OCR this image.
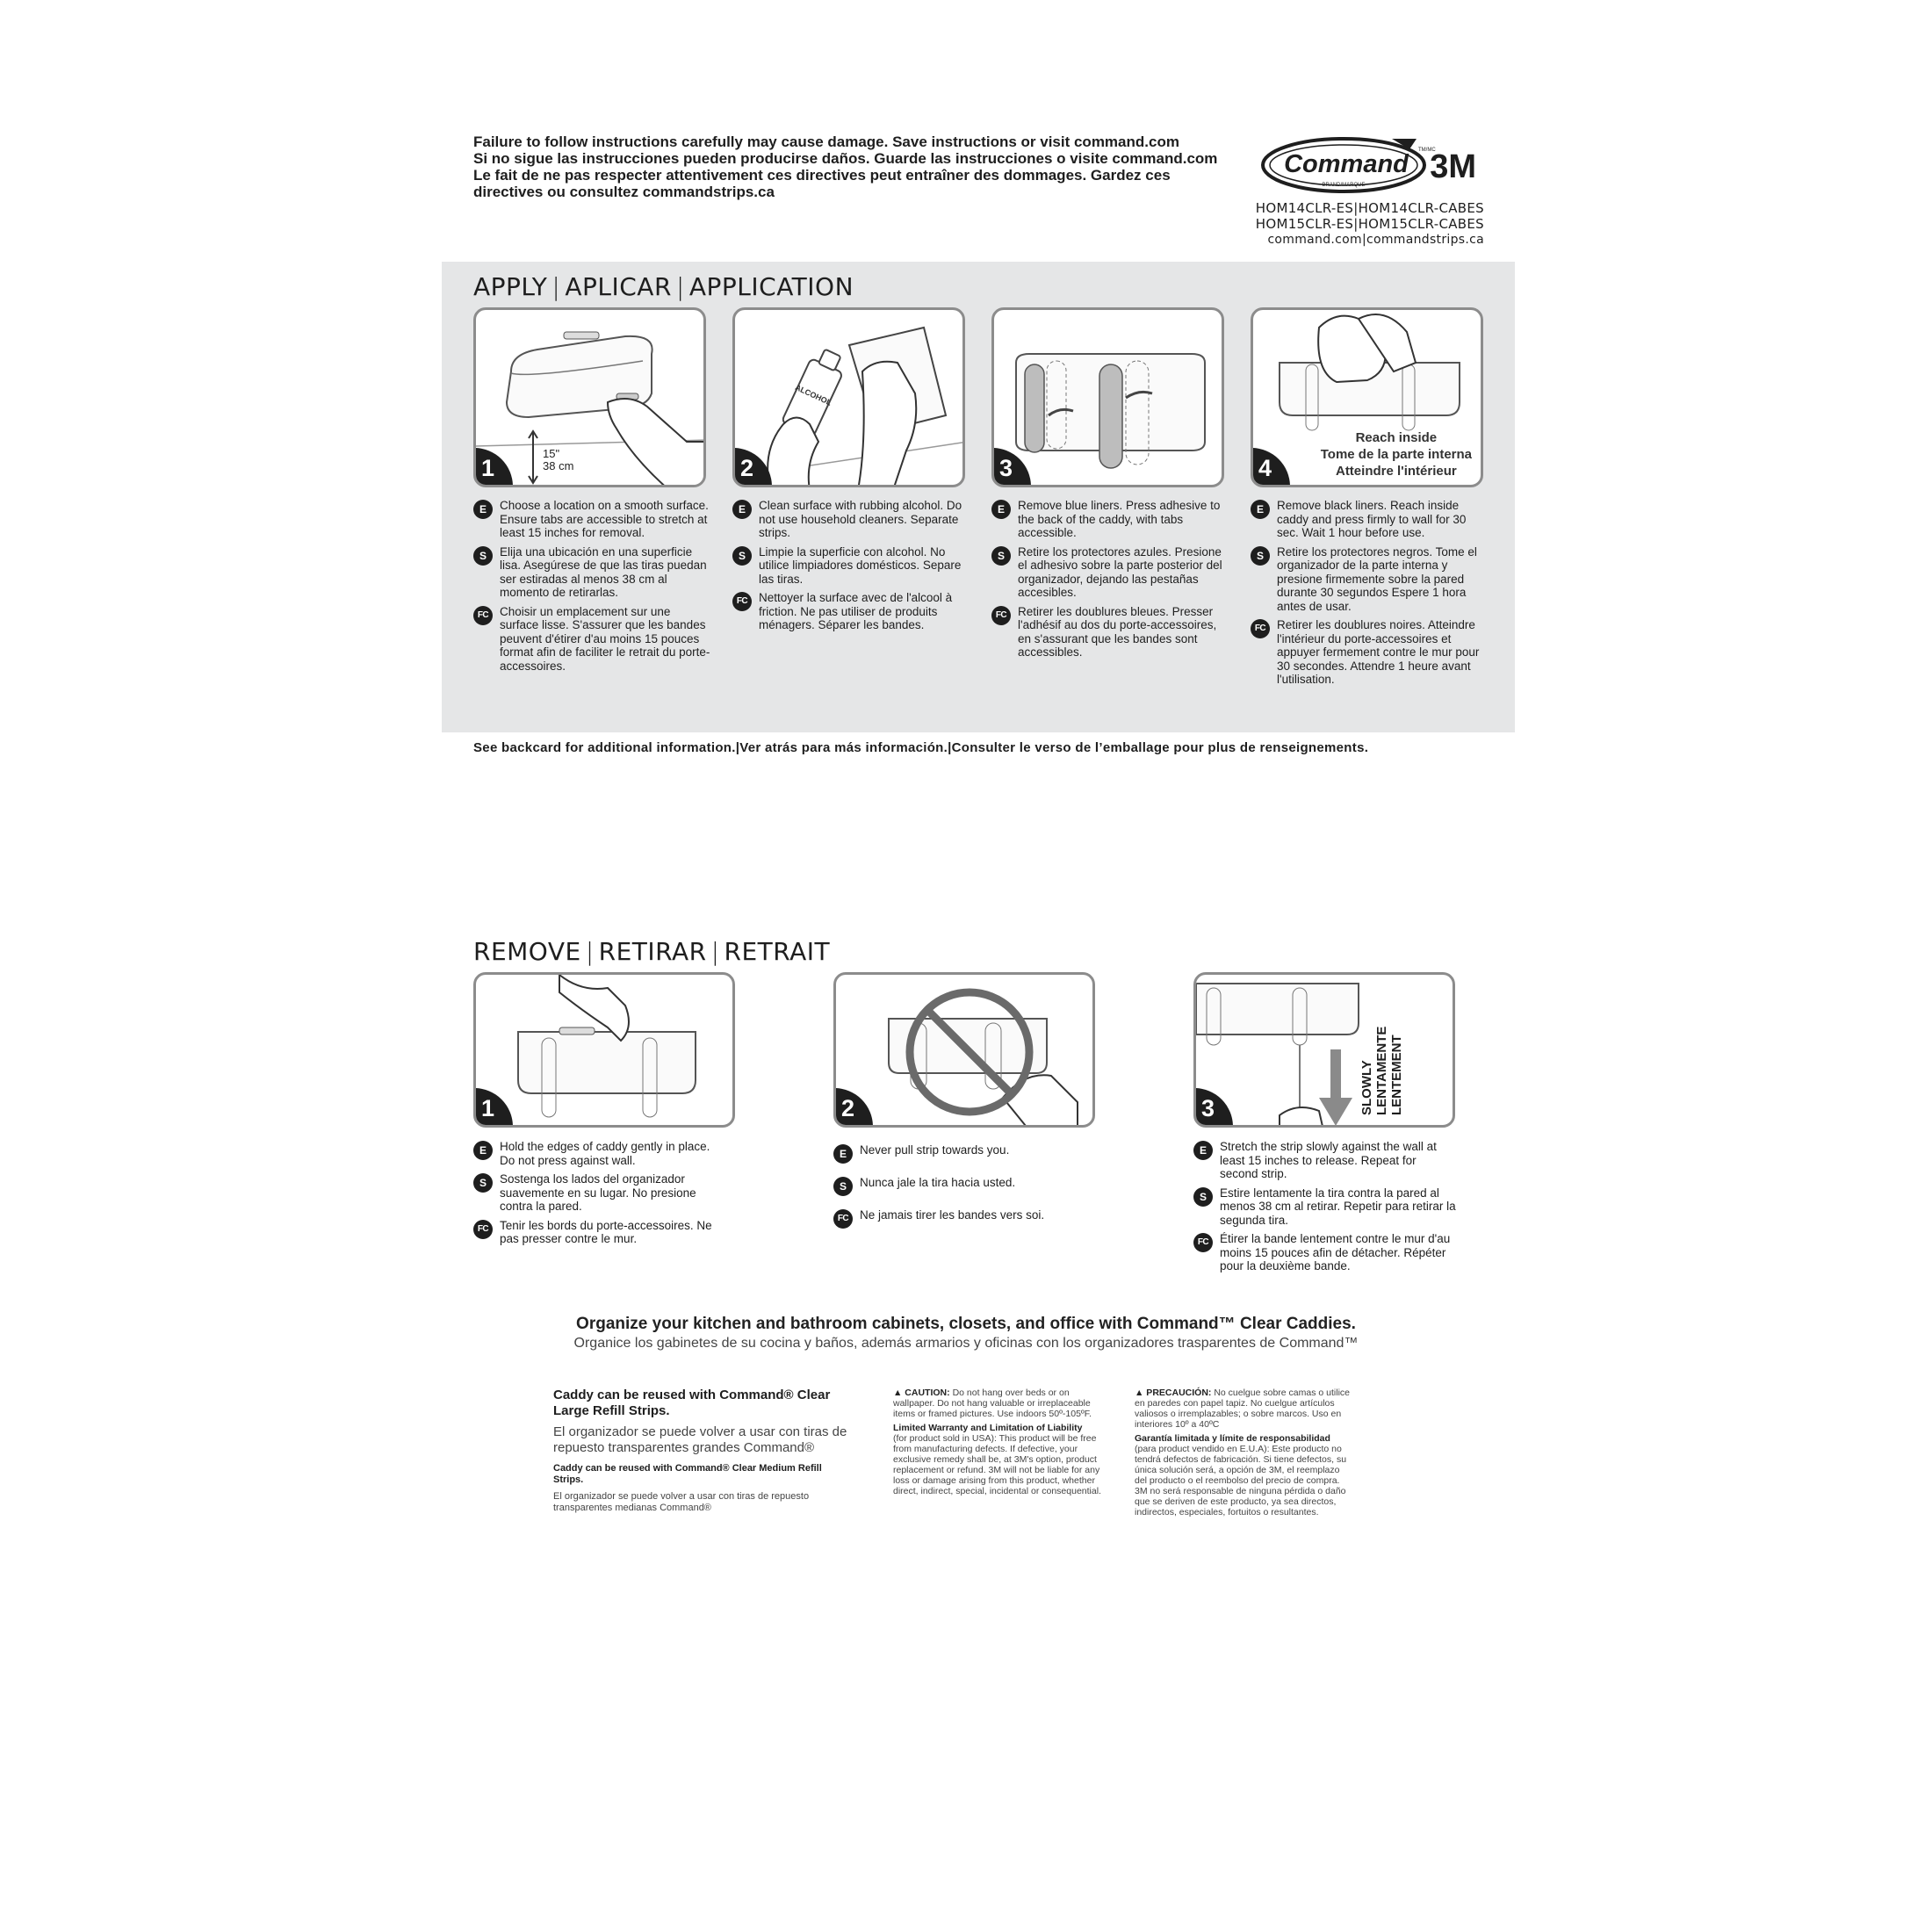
Failure to follow instructions carefully may cause damage. Save instructions or visit command.com
Si no sigue las instrucciones pueden producirse daños. Guarde las instrucciones o visite command.com
Le fait de ne pas respecter attentivement ces directives peut entraîner des dommages. Gardez ces
directives ou consultez commandstrips.ca
Command TM/MC
BRAND/MARQUE 3M
HOM14CLR-ES|HOM14CLR-CABES
HOM15CLR-ES|HOM15CLR-CABES
command.com|commandstrips.ca
APPLY | APLICAR | APPLICATION
15"
38 cm
1
ALCOHOL
2	3	4
Reach inside
Tome de la parte interna
Atteindre l'intérieur
E	Choose a location on a smooth surface. Ensure tabs are accessible to stretch at least 15 inches for removal.
S	Elija una ubicación en una superficie lisa. Asegúrese de que las tiras puedan ser estiradas al menos 38 cm al momento de retirarlas.
FC Choisir un emplacement sur une surface lisse. S'assurer que les bandes peuvent d'étirer d'au moins 15 pouces format afin de faciliter le retrait du porte-accessoires.
E	Clean surface with rubbing alcohol. Do not use household cleaners. Separate strips.
S	Limpie la superficie con alcohol. No utilice limpiadores domésticos. Separe las tiras.
FC Nettoyer la surface avec de l'alcool à friction. Ne pas utiliser de produits ménagers. Séparer les bandes.
E	Remove blue liners. Press adhesive to the back of the caddy, with tabs accessible.
S	Retire los protectores azules. Presione el adhesivo sobre la parte posterior del organizador, dejando las pestañas accesibles.
FC Retirer les doublures bleues. Presser l'adhésif au dos du porte-accessoires, en s'assurant que les bandes sont accessibles.
E	Remove black liners. Reach inside caddy and press firmly to wall for 30 sec. Wait 1 hour before use.
S	Retire los protectores negros. Tome el organizador de la parte interna y presione firmemente sobre la pared durante 30 segundos Espere 1 hora antes de usar.
FC Retirer les doublures noires. Atteindre l'intérieur du porte-accessoires et appuyer fermement contre le mur pour 30 secondes. Attendre 1 heure avant l'utilisation.
See backcard for additional information.|Ver atrás para más información.|Consulter le verso de l’emballage pour plus de renseignements.
REMOVE | RETIRAR | RETRAIT
1	2	3	SLOWLY LENTAMENTE LENTEMENT
E	Hold the edges of caddy gently in place. Do not press against wall.
S	Sostenga los lados del organizador suavemente en su lugar. No presione contra la pared.
FC Tenir les bords du porte-accessoires. Ne pas presser contre le mur.
E	Never pull strip towards you.
S	Nunca jale la tira hacia usted.
FC Ne jamais tirer les bandes vers soi.
E	Stretch the strip slowly against the wall at least 15 inches to release. Repeat for second strip.
S	Estire lentamente la tira contra la pared al menos 38 cm al retirar. Repetir para retirar la segunda tira.
FC Étirer la bande lentement contre le mur d'au moins 15 pouces afin de détacher. Répéter pour la deuxième bande.
Organize your kitchen and bathroom cabinets, closets, and office with Command™ Clear Caddies.
Organice los gabinetes de su cocina y baños, además armarios y oficinas con los organizadores trasparentes de Command™
Caddy can be reused with Command® Clear Large Refill Strips.
El organizador se puede volver a usar con tiras de repuesto transparentes grandes Command®
Caddy can be reused with Command® Clear Medium Refill Strips.
El organizador se puede volver a usar con tiras de repuesto transparentes medianas Command®
▲ CAUTION: Do not hang over beds or on wallpaper. Do not hang valuable or irreplaceable items or framed pictures. Use indoors 50º-105ºF.
Limited Warranty and Limitation of Liability
(for product sold in USA): This product will be free from manufacturing defects. If defective, your exclusive remedy shall be, at 3M's option, product replacement or refund. 3M will not be liable for any loss or damage arising from this product, whether direct, indirect, special, incidental or consequential.
▲ PRECAUCIÓN: No cuelgue sobre camas o utilice en paredes con papel tapiz. No cuelgue artículos valiosos o irremplazables; o sobre marcos. Uso en interiores 10º a 40ºC
Garantía limitada y límite de responsabilidad
(para product vendido en E.U.A): Este producto no tendrá defectos de fabricación. Si tiene defectos, su única solución será, a opción de 3M, el reemplazo del producto o el reembolso del precio de compra. 3M no será responsable de ninguna pérdida o daño que se deriven de este producto, ya sea directos, indirectos, especiales, fortuitos o resultantes.
